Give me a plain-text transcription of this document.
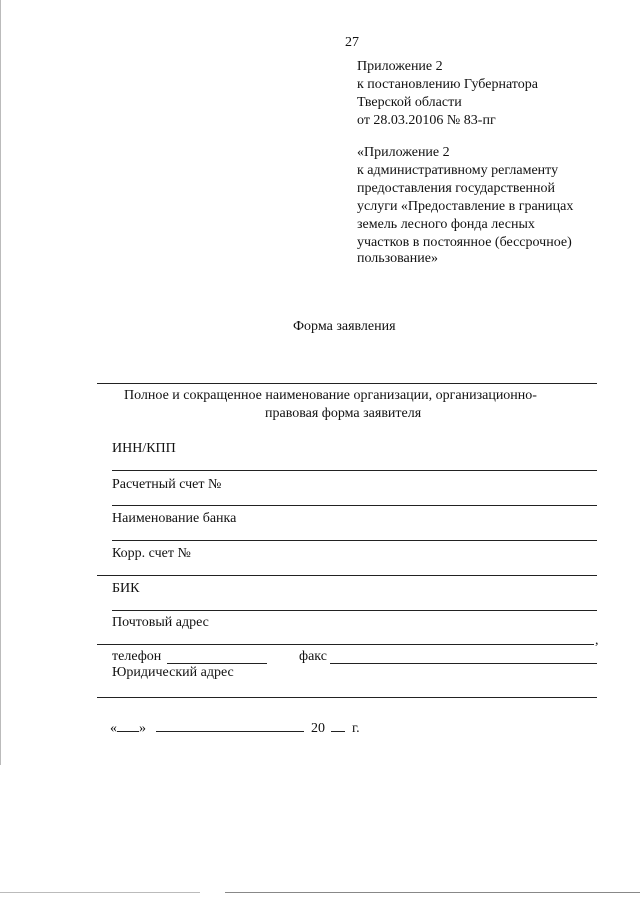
27
Приложение 2
к постановлению Губернатора
Тверской области
от 28.03.20106 № 83-пг
«Приложение 2
к административному регламенту
предоставления государственной
услуги «Предоставление в границах
земель лесного фонда лесных
участков в постоянное (бессрочное)
пользование»
Форма заявления
Полное и сокращенное наименование организации, организационно-
правовая форма заявителя
ИНН/КПП
Расчетный счет №
Наименование банка
Корр. счет №
БИК
Почтовый адрес
,
телефон	факс
Юридический адрес
« »	20 г.
